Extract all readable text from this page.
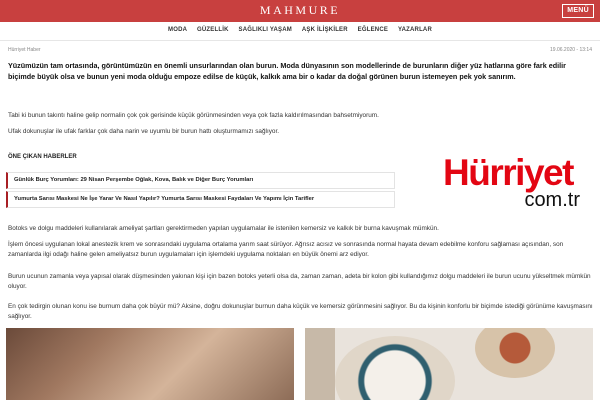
MAHMURE	MENÜ
MODA GÜZELLİK SAĞLIKLI YAŞAM AŞK İLİŞKİLER EĞLENCE YAZARLAR
Hürriyet Haber	19.06.2020 - 13:14
Yüzümüzün tam ortasında, görüntümüzün en önemli unsurlarından olan burun. Moda dünyasının son modellerinde de burunların diğer yüz hatlarına göre fark edilir biçimde büyük olsa ve bunun yeni moda olduğu empoze edilse de küçük, kalkık ama bir o kadar da doğal görünen burun istemeyen pek yok sanırım.
Tabi ki bunun takıntı haline gelip normalin çok çok gerisinde küçük görünmesinden veya çok fazla kaldırılmasından bahsetmiyorum.
Ufak dokunuşlar ile ufak farklar çok daha narin ve uyumlu bir burun hattı oluşturmamızı sağlıyor.
ÖNE ÇIKAN HABERLER
Günlük Burç Yorumları: 29 Nisan Perşembe Oğlak, Kova, Balık ve Diğer Burç Yorumları
Yumurta Sarısı Maskesi Ne İşe Yarar Ve Nasıl Yapılır? Yumurta Sarısı Maskesi Faydaları Ve Yapımı İçin Tarifler
Hürriyet
com.tr
Botoks ve dolgu maddeleri kullanılarak ameliyat şartları gerektirmeden yapılan uygulamalar ile istenilen kemersiz ve kalkık bir burna kavuşmak mümkün.
İşlem öncesi uygulanan lokal anestezik krem ve sonrasındaki uygulama ortalama yarım saat sürüyor. Ağrısız acısız ve sonrasında normal hayata devam edebilme konforu sağlaması açısından, son zamanlarda ilgi odağı haline gelen ameliyatsız burun uygulamaları için işlemdeki uygulama noktaları en büyük önemi arz ediyor.
Burun ucunun zamanla veya yapısal olarak düşmesinden yakınan kişi için bazen botoks yeterli olsa da, zaman zaman, adeta bir kolon gibi kullandığımız dolgu maddeleri ile burun ucunu yükseltmek mümkün oluyor.
En çok tedirgin olunan konu ise burnum daha çok büyür mü? Aksine, doğru dokunuşlar burnun daha küçük ve kemersiz görünmesini sağlıyor. Bu da kişinin konforlu bir biçimde istediği görünüme kavuşmasını sağlıyor.
